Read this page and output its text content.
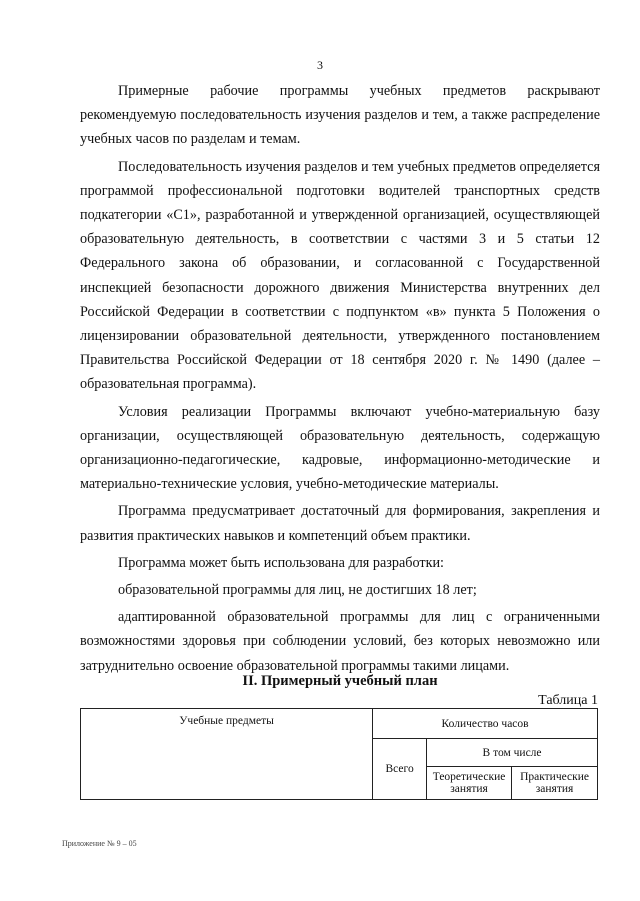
3

Примерные рабочие программы учебных предметов раскрывают рекомендуемую последовательность изучения разделов и тем, а также распределение учебных часов по разделам и темам.

Последовательность изучения разделов и тем учебных предметов определяется программой профессиональной подготовки водителей транспортных средств подкатегории «С1», разработанной и утвержденной организацией, осуществляющей образовательную деятельность, в соответствии с частями 3 и 5 статьи 12 Федерального закона об образовании, и согласованной с Государственной инспекцией безопасности дорожного движения Министерства внутренних дел Российской Федерации в соответствии с подпунктом «в» пункта 5 Положения о лицензировании образовательной деятельности, утвержденного постановлением Правительства Российской Федерации от 18 сентября 2020 г. № 1490 (далее – образовательная программа).

Условия реализации Программы включают учебно-материальную базу организации, осуществляющей образовательную деятельность, содержащую организационно-педагогические, кадровые, информационно-методические и материально-технические условия, учебно-методические материалы.

Программа предусматривает достаточный для формирования, закрепления и развития практических навыков и компетенций объем практики.

Программа может быть использована для разработки:

образовательной программы для лиц, не достигших 18 лет;

адаптированной образовательной программы для лиц с ограниченными возможностями здоровья при соблюдении условий, без которых невозможно или затруднительно освоение образовательной программы такими лицами.

II. Примерный учебный план
Таблица 1
Учебные предметы	Количество часов		
	Всего	В том числе	
		Теоретические занятия	Практические занятия
Приложение № 9 – 05
